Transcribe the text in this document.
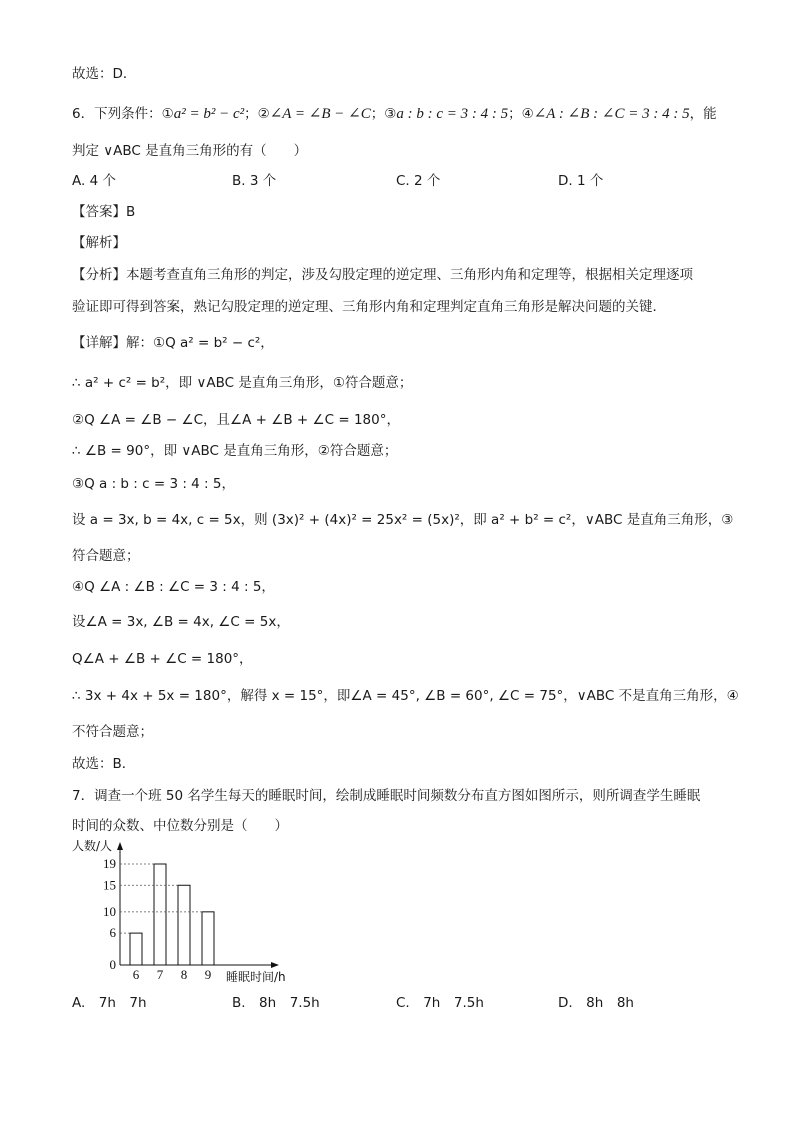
故选：D．
6．下列条件：①a² = b² − c²；②∠A = ∠B − ∠C；③a : b : c = 3 : 4 : 5；④∠A : ∠B : ∠C = 3 : 4 : 5，能
判定 ∨ABC 是直角三角形的有（　　）
A. 4 个	B. 3 个	C. 2 个	D. 1 个
【答案】B
【解析】
【分析】本题考查直角三角形的判定，涉及勾股定理的逆定理、三角形内角和定理等，根据相关定理逐项
验证即可得到答案，熟记勾股定理的逆定理、三角形内角和定理判定直角三角形是解决问题的关键．
【详解】解：①Q a² = b² − c²，
∴ a² + c² = b²，即 ∨ABC 是直角三角形，①符合题意；
②Q ∠A = ∠B − ∠C，且∠A + ∠B + ∠C = 180°，
∴ ∠B = 90°，即 ∨ABC 是直角三角形，②符合题意；
③Q a : b : c = 3 : 4 : 5，
设 a = 3x, b = 4x, c = 5x，则 (3x)² + (4x)² = 25x² = (5x)²，即 a² + b² = c²，∨ABC 是直角三角形，③
符合题意；
④Q ∠A : ∠B : ∠C = 3 : 4 : 5，
设∠A = 3x, ∠B = 4x, ∠C = 5x，
Q∠A + ∠B + ∠C = 180°，
∴ 3x + 4x + 5x = 180°，解得 x = 15°，即∠A = 45°, ∠B = 60°, ∠C = 75°，∨ABC 不是直角三角形，④
不符合题意；
故选：B．
7．调查一个班 50 名学生每天的睡眠时间，绘制成睡眠时间频数分布直方图如图所示，则所调查学生睡眠
时间的众数、中位数分别是（　　）
人数/人
睡眠时间/h
6 7 8 9
0
6
10
15
19
A.　7h　7h	B.　8h　7.5h	C.　7h　7.5h	D.　8h　8h
